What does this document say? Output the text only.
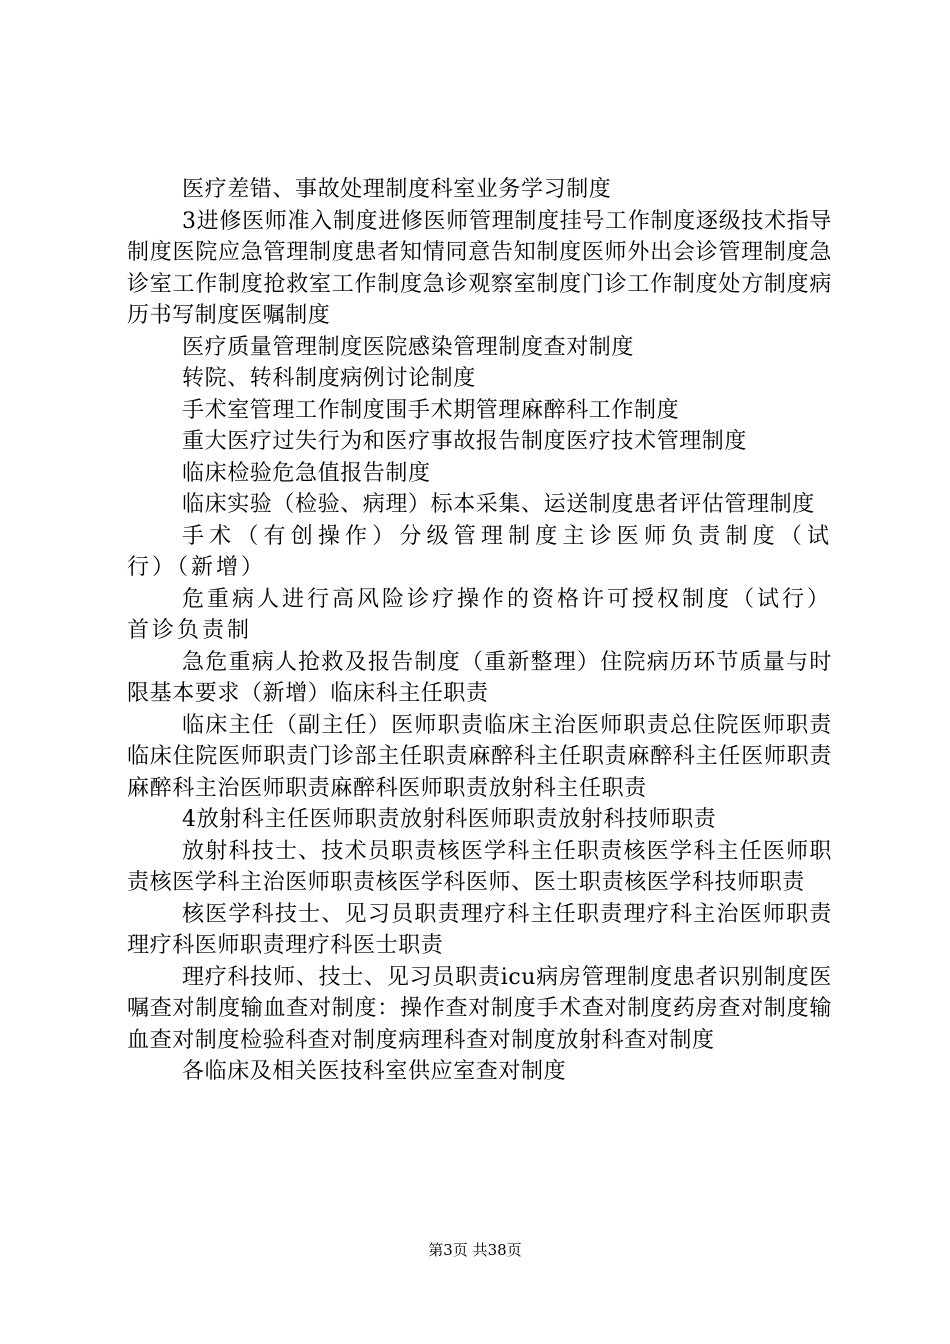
医疗差错、事故处理制度科室业务学习制度

3进修医师准入制度进修医师管理制度挂号工作制度逐级技术指导制度医院应急管理制度患者知情同意告知制度医师外出会诊管理制度急诊室工作制度抢救室工作制度急诊观察室制度门诊工作制度处方制度病历书写制度医嘱制度

医疗质量管理制度医院感染管理制度查对制度

转院、转科制度病例讨论制度

手术室管理工作制度围手术期管理麻醉科工作制度

重大医疗过失行为和医疗事故报告制度医疗技术管理制度

临床检验危急值报告制度

临床实验（检验、病理）标本采集、运送制度患者评估管理制度

手术（有创操作）分级管理制度主诊医师负责制度（试行）（新增）

危重病人进行高风险诊疗操作的资格许可授权制度（试行）首诊负责制

急危重病人抢救及报告制度（重新整理）住院病历环节质量与时限基本要求（新增）临床科主任职责

临床主任（副主任）医师职责临床主治医师职责总住院医师职责临床住院医师职责门诊部主任职责麻醉科主任职责麻醉科主任医师职责麻醉科主治医师职责麻醉科医师职责放射科主任职责

4放射科主任医师职责放射科医师职责放射科技师职责

放射科技士、技术员职责核医学科主任职责核医学科主任医师职责核医学科主治医师职责核医学科医师、医士职责核医学科技师职责

核医学科技士、见习员职责理疗科主任职责理疗科主治医师职责理疗科医师职责理疗科医士职责

理疗科技师、技士、见习员职责icu病房管理制度患者识别制度医嘱查对制度输血查对制度：操作查对制度手术查对制度药房查对制度输血查对制度检验科查对制度病理科查对制度放射科查对制度

各临床及相关医技科室供应室查对制度

第3页 共38页
